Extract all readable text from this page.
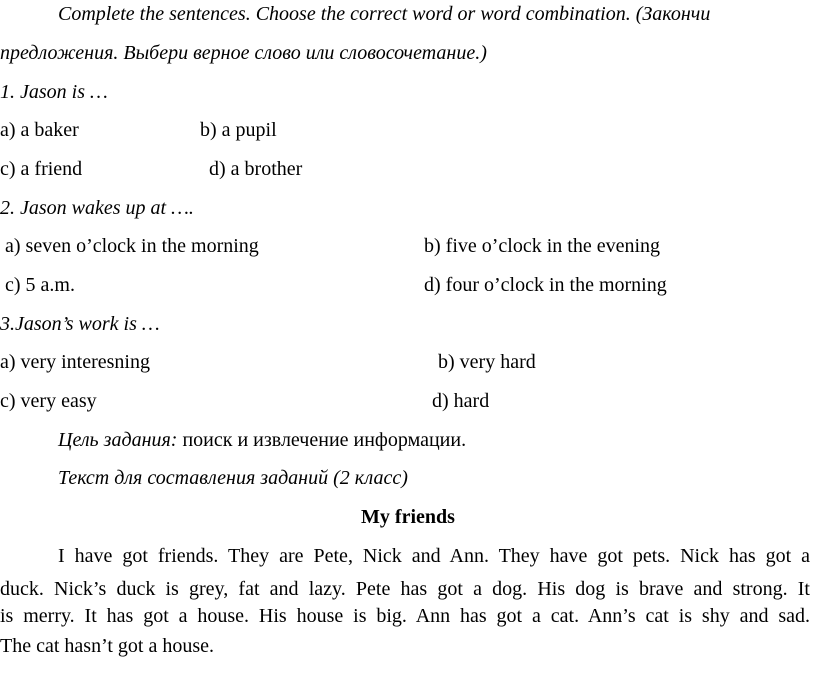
Complete the sentences. Choose the correct word or word combination. (Закончи
предложения. Выбери верное слово или словосочетание.)
1. Jason is …
a) a baker	b) a pupil
c) a friend	d) a brother
2. Jason wakes up at ….
a) seven o’clock in the morning	b) five o’clock in the evening
c) 5 a.m.	d) four o’clock in the morning
3.Jason’s work is …
a) very interesning	b) very hard
c) very easy	d) hard
Цель задания: поиск и извлечение информации.
Текст для составления заданий (2 класс)
My friends
I have got friends. They are Pete, Nick and Ann. They have got pets. Nick has got a
duck. Nick’s duck is grey, fat and lazy. Pete has got a dog. His dog is brave and strong. It
is merry. It has got a house. His house is big. Ann has got a cat. Ann’s cat is shy and sad.
The cat hasn’t got a house.
